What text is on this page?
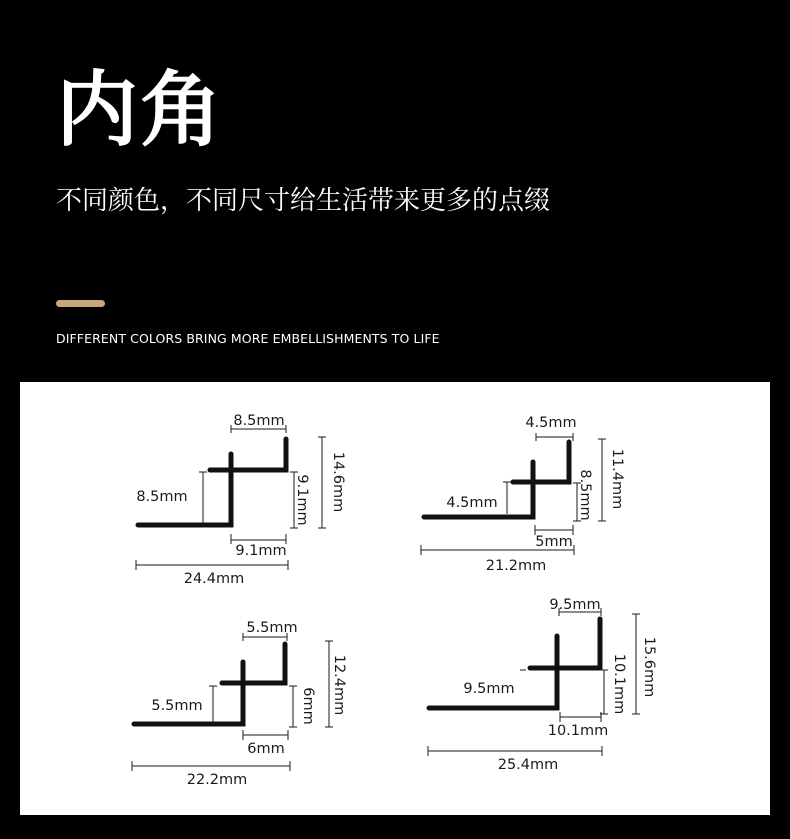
内角

不同颜色，不同尺寸给生活带来更多的点缀

DIFFERENT COLORS BRING MORE EMBELLISHMENTS TO LIFE

8.5mm
9.1mm 14.6mm
8.5mm
9.1mm
24.4mm
4.5mm
8.5mm 11.4mm
4.5mm
5mm
21.2mm
5.5mm
6mm 12.4mm
5.5mm
6mm
22.2mm
9.5mm
10.1mm 15.6mm
9.5mm
10.1mm
25.4mm
